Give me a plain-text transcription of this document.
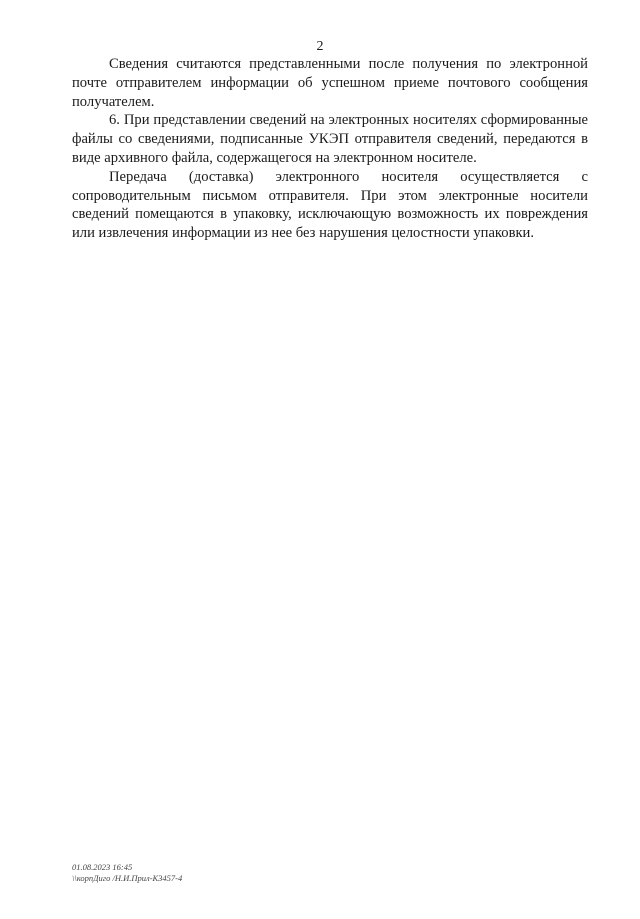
2

Сведения считаются представленными после получения по электронной почте отправителем информации об успешном приеме почтового сообщения получателем.

6. При представлении сведений на электронных носителях сформированные файлы со сведениями, подписанные УКЭП отправителя сведений, передаются в виде архивного файла, содержащегося на электронном носителе.

Передача (доставка) электронного носителя осуществляется с сопроводительным письмом отправителя. При этом электронные носители сведений помещаются в упаковку, исключающую возможность их повреждения или извлечения информации из нее без нарушения целостности упаковки.

01.08.2023 16:45
\\корпДиго /Н.И.Прил-К3457-4
